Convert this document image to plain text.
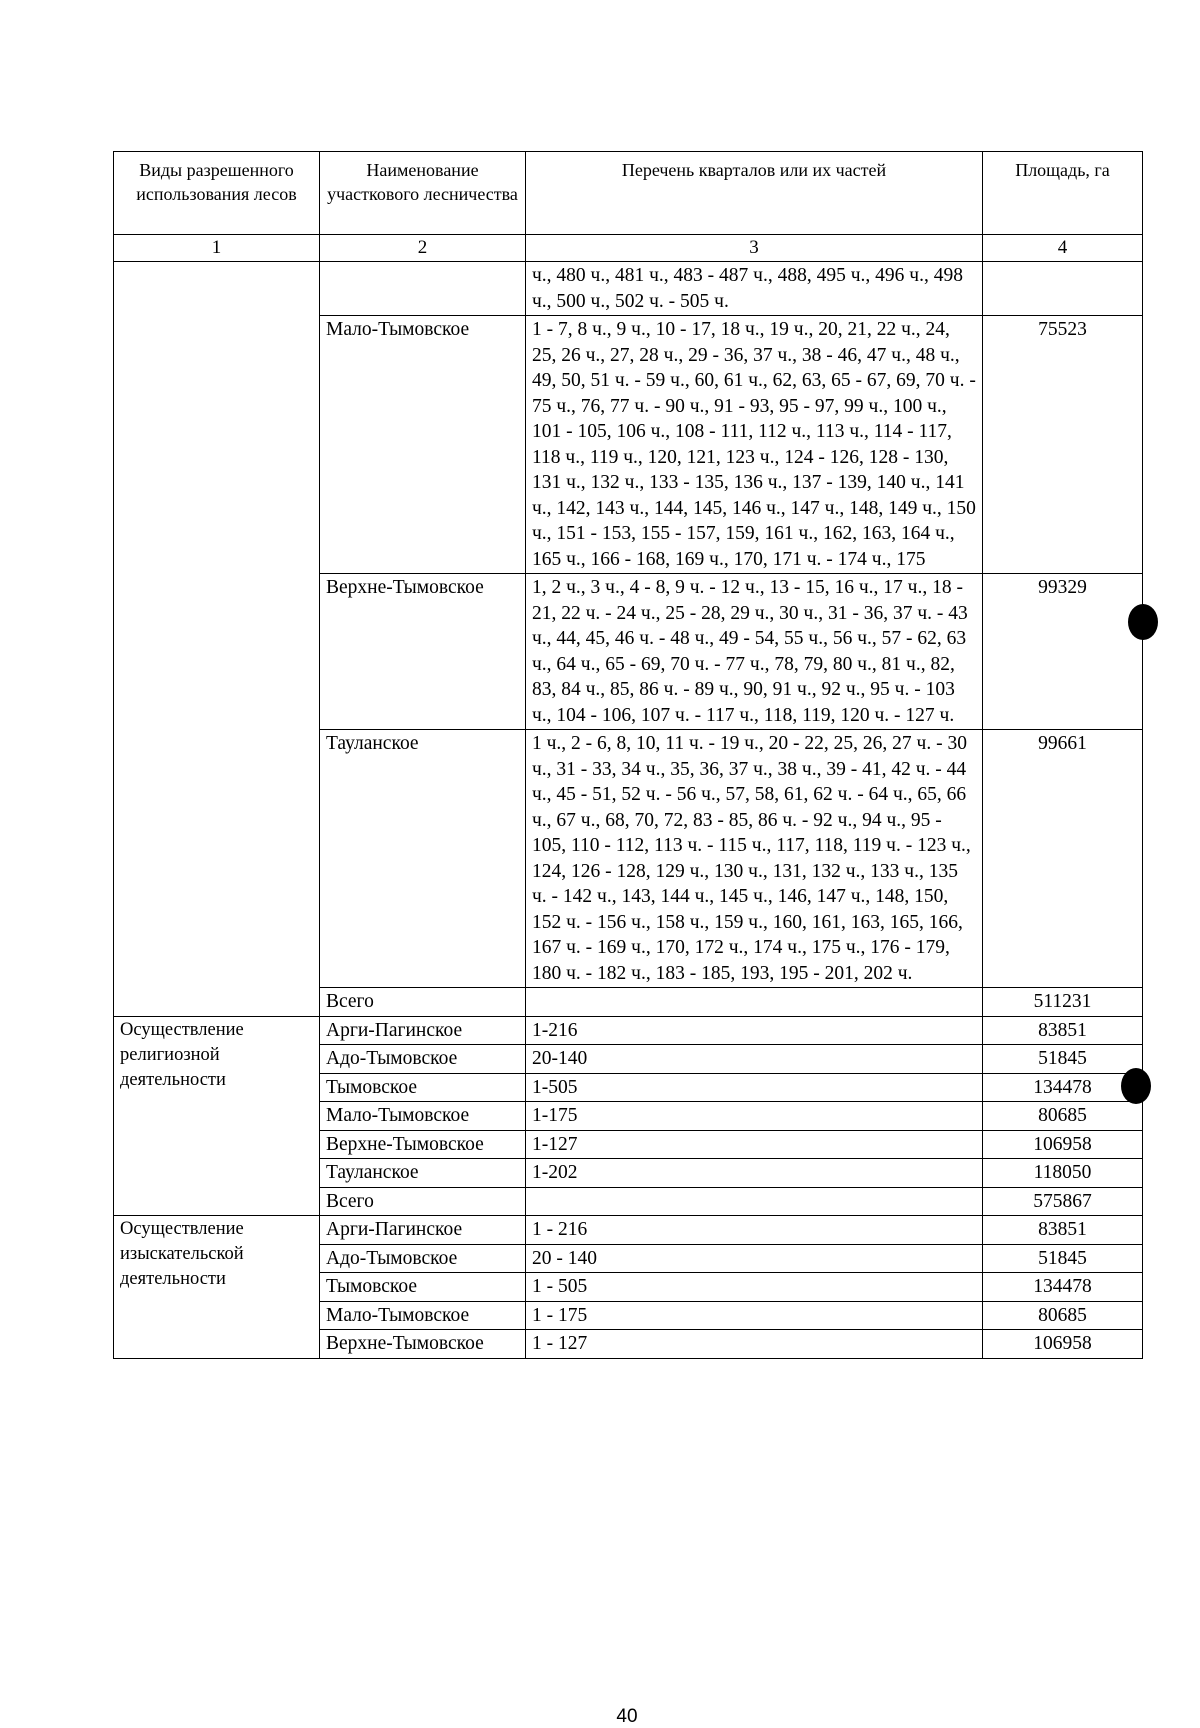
Виды разрешенного использования лесов	Наименование участкового лесничества	Перечень кварталов или их частей	Площадь, га
1	2	3	4
		ч., 480 ч., 481 ч., 483 - 487 ч., 488, 495 ч., 496 ч., 498 ч., 500 ч., 502 ч. - 505 ч.	
	Мало-Тымовское	1 - 7, 8 ч., 9 ч., 10 - 17, 18 ч., 19 ч., 20, 21, 22 ч., 24, 25, 26 ч., 27, 28 ч., 29 - 36, 37 ч., 38 - 46, 47 ч., 48 ч., 49, 50, 51 ч. - 59 ч., 60, 61 ч., 62, 63, 65 - 67, 69, 70 ч. - 75 ч., 76, 77 ч. - 90 ч., 91 - 93, 95 - 97, 99 ч., 100 ч., 101 - 105, 106 ч., 108 - 111, 112 ч., 113 ч., 114 - 117, 118 ч., 119 ч., 120, 121, 123 ч., 124 - 126, 128 - 130, 131 ч., 132 ч., 133 - 135, 136 ч., 137 - 139, 140 ч., 141 ч., 142, 143 ч., 144, 145, 146 ч., 147 ч., 148, 149 ч., 150 ч., 151 - 153, 155 - 157, 159, 161 ч., 162, 163, 164 ч., 165 ч., 166 - 168, 169 ч., 170, 171 ч. - 174 ч., 175	75523
	Верхне-Тымовское	1, 2 ч., 3 ч., 4 - 8, 9 ч. - 12 ч., 13 - 15, 16 ч., 17 ч., 18 - 21, 22 ч. - 24 ч., 25 - 28, 29 ч., 30 ч., 31 - 36, 37 ч. - 43 ч., 44, 45, 46 ч. - 48 ч., 49 - 54, 55 ч., 56 ч., 57 - 62, 63 ч., 64 ч., 65 - 69, 70 ч. - 77 ч., 78, 79, 80 ч., 81 ч., 82, 83, 84 ч., 85, 86 ч. - 89 ч., 90, 91 ч., 92 ч., 95 ч. - 103 ч., 104 - 106, 107 ч. - 117 ч., 118, 119, 120 ч. - 127 ч.	99329
	Тауланское	1 ч., 2 - 6, 8, 10, 11 ч. - 19 ч., 20 - 22, 25, 26, 27 ч. - 30 ч., 31 - 33, 34 ч., 35, 36, 37 ч., 38 ч., 39 - 41, 42 ч. - 44 ч., 45 - 51, 52 ч. - 56 ч., 57, 58, 61, 62 ч. - 64 ч., 65, 66 ч., 67 ч., 68, 70, 72, 83 - 85, 86 ч. - 92 ч., 94 ч., 95 - 105, 110 - 112, 113 ч. - 115 ч., 117, 118, 119 ч. - 123 ч., 124, 126 - 128, 129 ч., 130 ч., 131, 132 ч., 133 ч., 135 ч. - 142 ч., 143, 144 ч., 145 ч., 146, 147 ч., 148, 150, 152 ч. - 156 ч., 158 ч., 159 ч., 160, 161, 163, 165, 166, 167 ч. - 169 ч., 170, 172 ч., 174 ч., 175 ч., 176 - 179, 180 ч. - 182 ч., 183 - 185, 193, 195 - 201, 202 ч.	99661
	Всего		511231
Осуществление религиозной деятельности	Арги-Пагинское	1-216	83851
	Адо-Тымовское	20-140	51845
	Тымовское	1-505	134478
	Мало-Тымовское	1-175	80685
	Верхне-Тымовское	1-127	106958
	Тауланское	1-202	118050
	Всего		575867
Осуществление изыскательской деятельности	Арги-Пагинское	1 - 216	83851
	Адо-Тымовское	20 - 140	51845
	Тымовское	1 - 505	134478
	Мало-Тымовское	1 - 175	80685
	Верхне-Тымовское	1 - 127	106958
40
